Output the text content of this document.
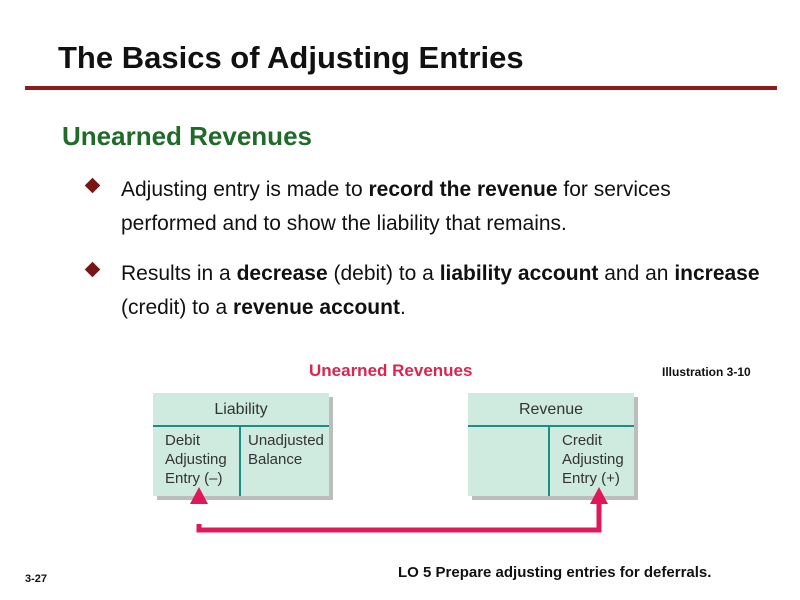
The Basics of Adjusting Entries
Unearned Revenues
Adjusting entry is made to record the revenue for services performed and to show the liability that remains.
Results in a decrease (debit) to a liability account and an increase (credit) to a revenue account.
Unearned Revenues	Illustration 3-10
Liability
Debit
Adjusting
Entry (–)
Unadjusted
Balance
Revenue
Credit
Adjusting
Entry (+)
LO 5 Prepare adjusting entries for deferrals.
3-27
